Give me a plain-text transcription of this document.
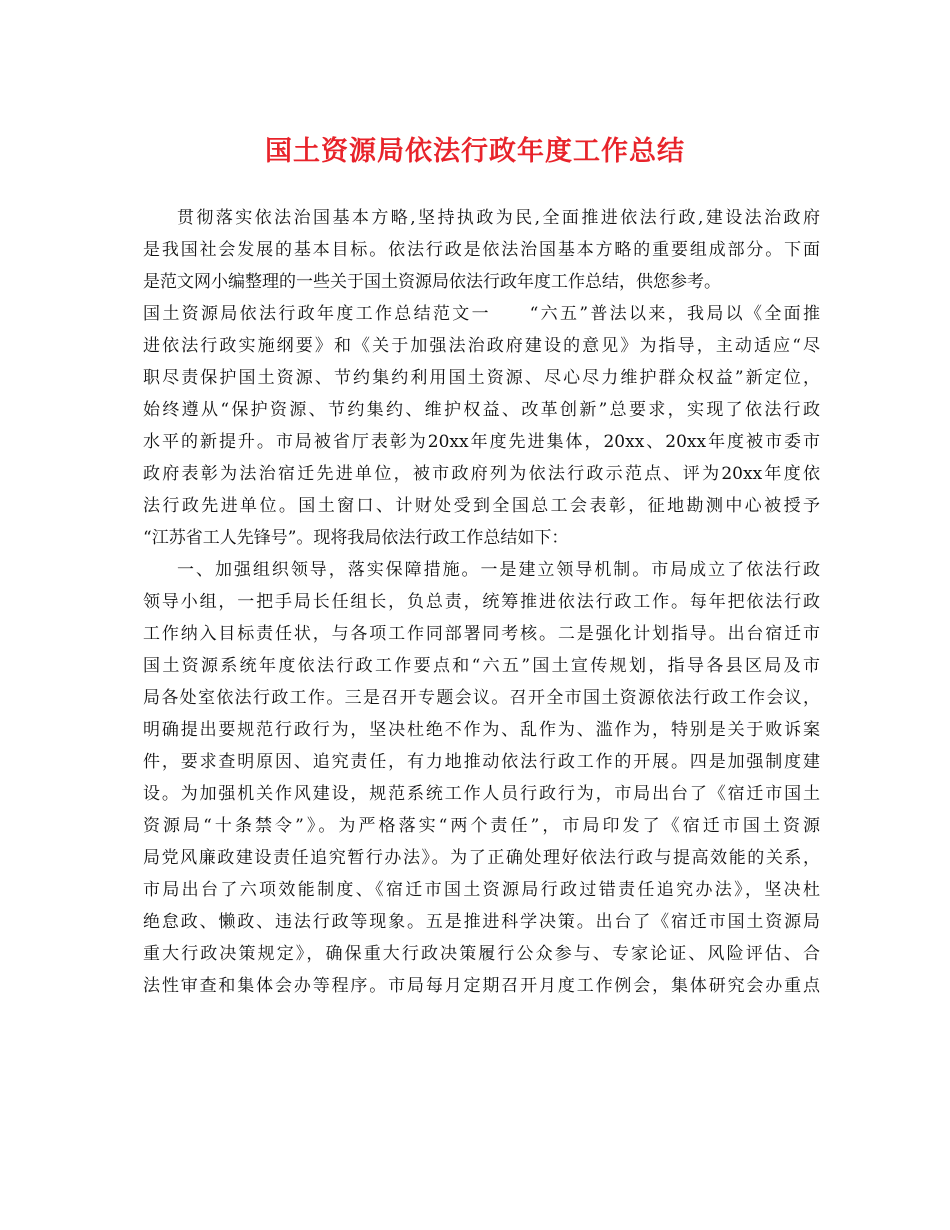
国土资源局依法行政年度工作总结
贯彻落实依法治国基本方略,坚持执政为民,全面推进依法行政,建设法治政府
是我国社会发展的基本目标。依法行政是依法治国基本方略的重要组成部分。下面
是范文网小编整理的一些关于国土资源局依法行政年度工作总结，供您参考。
国土资源局依法行政年度工作总结范文一　　“六五”普法以来，我局以《全面推
进依法行政实施纲要》和《关于加强法治政府建设的意见》为指导，主动适应“尽
职尽责保护国土资源、节约集约利用国土资源、尽心尽力维护群众权益”新定位，
始终遵从“保护资源、节约集约、维护权益、改革创新”总要求，实现了依法行政
水平的新提升。市局被省厅表彰为20xx年度先进集体，20xx、20xx年度被市委市
政府表彰为法治宿迁先进单位，被市政府列为依法行政示范点、评为20xx年度依
法行政先进单位。国土窗口、计财处受到全国总工会表彰，征地勘测中心被授予
“江苏省工人先锋号”。现将我局依法行政工作总结如下：
一、加强组织领导，落实保障措施。一是建立领导机制。市局成立了依法行政
领导小组，一把手局长任组长，负总责，统筹推进依法行政工作。每年把依法行政
工作纳入目标责任状，与各项工作同部署同考核。二是强化计划指导。出台宿迁市
国土资源系统年度依法行政工作要点和“六五”国土宣传规划，指导各县区局及市
局各处室依法行政工作。三是召开专题会议。召开全市国土资源依法行政工作会议，
明确提出要规范行政行为，坚决杜绝不作为、乱作为、滥作为，特别是关于败诉案
件，要求查明原因、追究责任，有力地推动依法行政工作的开展。四是加强制度建
设。为加强机关作风建设，规范系统工作人员行政行为，市局出台了《宿迁市国土
资源局“十条禁令”》。为严格落实“两个责任”，市局印发了《宿迁市国土资源
局党风廉政建设责任追究暂行办法》。为了正确处理好依法行政与提高效能的关系，
市局出台了六项效能制度、《宿迁市国土资源局行政过错责任追究办法》，坚决杜
绝怠政、懒政、违法行政等现象。五是推进科学决策。出台了《宿迁市国土资源局
重大行政决策规定》，确保重大行政决策履行公众参与、专家论证、风险评估、合
法性审查和集体会办等程序。市局每月定期召开月度工作例会，集体研究会办重点
